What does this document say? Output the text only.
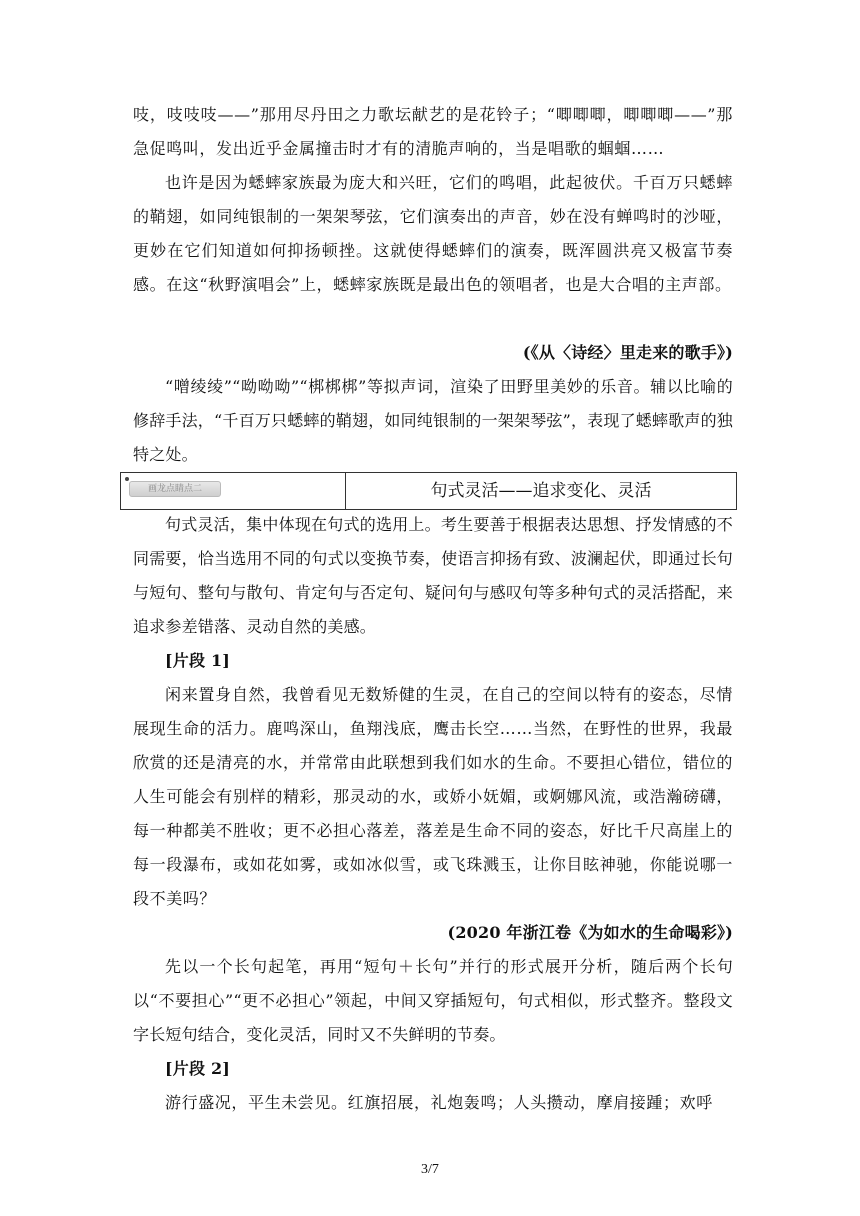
吱，吱吱吱——”那用尽丹田之力歌坛献艺的是花铃子；“唧唧唧，唧唧唧——”那急促鸣叫，发出近乎金属撞击时才有的清脆声响的，当是唱歌的蝈蝈……

也许是因为蟋蟀家族最为庞大和兴旺，它们的鸣唱，此起彼伏。千百万只蟋蟀的鞘翅，如同纯银制的一架架琴弦，它们演奏出的声音，妙在没有蝉鸣时的沙哑，更妙在它们知道如何抑扬顿挫。这就使得蟋蟀们的演奏，既浑圆洪亮又极富节奏感。在这“秋野演唱会”上，蟋蟀家族既是最出色的领唱者，也是大合唱的主声部。

(《从〈诗经〉里走来的歌手》)

“噌绫绫”“呦呦呦”“梆梆梆”等拟声词，渲染了田野里美妙的乐音。辅以比喻的修辞手法，“千百万只蟋蟀的鞘翅，如同纯银制的一架架琴弦”，表现了蟋蟀歌声的独特之处。

画龙点睛点二	句式灵活——追求变化、灵活

句式灵活，集中体现在句式的选用上。考生要善于根据表达思想、抒发情感的不同需要，恰当选用不同的句式以变换节奏，使语言抑扬有致、波澜起伏，即通过长句与短句、整句与散句、肯定句与否定句、疑问句与感叹句等多种句式的灵活搭配，来追求参差错落、灵动自然的美感。

[片段 1]

闲来置身自然，我曾看见无数矫健的生灵，在自己的空间以特有的姿态，尽情展现生命的活力。鹿鸣深山，鱼翔浅底，鹰击长空……当然，在野性的世界，我最欣赏的还是清亮的水，并常常由此联想到我们如水的生命。不要担心错位，错位的人生可能会有别样的精彩，那灵动的水，或娇小妩媚，或婀娜风流，或浩瀚磅礴，每一种都美不胜收；更不必担心落差，落差是生命不同的姿态，好比千尺高崖上的每一段瀑布，或如花如雾，或如冰似雪，或飞珠溅玉，让你目眩神驰，你能说哪一段不美吗？

(2020 年浙江卷《为如水的生命喝彩》)

先以一个长句起笔，再用“短句＋长句”并行的形式展开分析，随后两个长句以“不要担心”“更不必担心”领起，中间又穿插短句，句式相似，形式整齐。整段文字长短句结合，变化灵活，同时又不失鲜明的节奏。

[片段 2]

游行盛况，平生未尝见。红旗招展，礼炮轰鸣；人头攒动，摩肩接踵；欢呼

3/7
